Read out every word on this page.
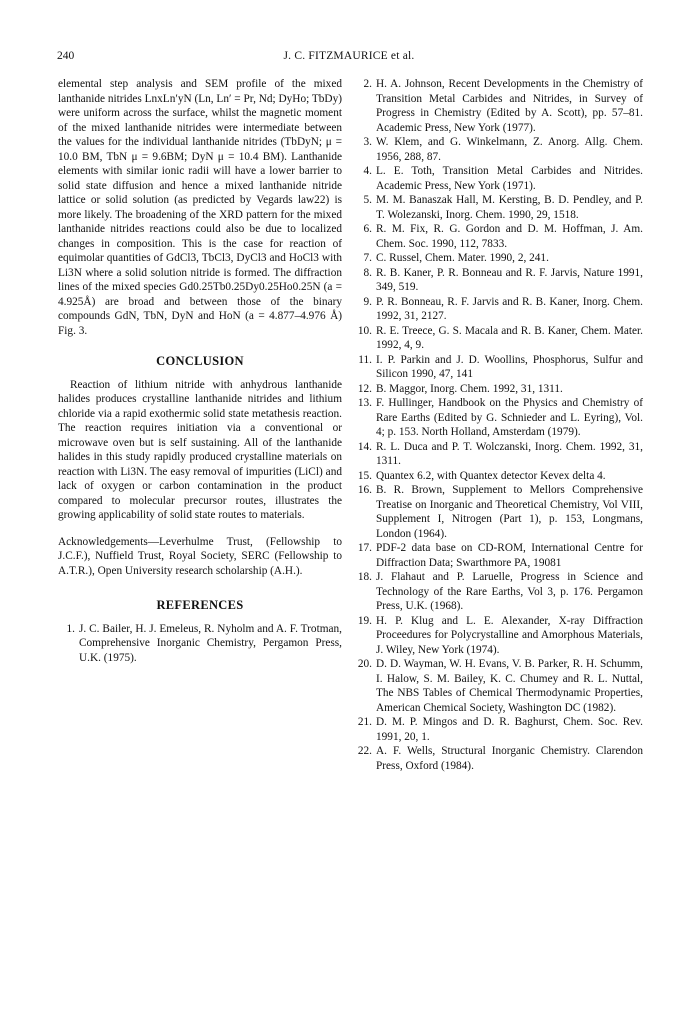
240	J. C. FITZMAURICE et al.

elemental step analysis and SEM profile of the mixed lanthanide nitrides LnxLn′yN (Ln, Ln′ = Pr, Nd; DyHo; TbDy) were uniform across the surface, whilst the magnetic moment of the mixed lanthanide nitrides were intermediate between the values for the individual lanthanide nitrides (TbDyN; μ = 10.0 BM, TbN μ = 9.6BM; DyN μ = 10.4 BM). Lanthanide elements with similar ionic radii will have a lower barrier to solid state diffusion and hence a mixed lanthanide nitride lattice or solid solution (as predicted by Vegards law22) is more likely. The broadening of the XRD pattern for the mixed lanthanide nitrides reactions could also be due to localized changes in composition. This is the case for reaction of equimolar quantities of GdCl3, TbCl3, DyCl3 and HoCl3 with Li3N where a solid solution nitride is formed. The diffraction lines of the mixed species Gd0.25Tb0.25Dy0.25Ho0.25N (a = 4.925Å) are broad and between those of the binary compounds GdN, TbN, DyN and HoN (a = 4.877–4.976 Å) Fig. 3.

CONCLUSION

Reaction of lithium nitride with anhydrous lanthanide halides produces crystalline lanthanide nitrides and lithium chloride via a rapid exothermic solid state metathesis reaction. The reaction requires initiation via a conventional or microwave oven but is self sustaining. All of the lanthanide halides in this study rapidly produced crystalline materials on reaction with Li3N. The easy removal of impurities (LiCl) and lack of oxygen or carbon contamination in the product compared to molecular precursor routes, illustrates the growing applicability of solid state routes to materials.

Acknowledgements—Leverhulme Trust, (Fellowship to J.C.F.), Nuffield Trust, Royal Society, SERC (Fellowship to A.T.R.), Open University research scholarship (A.H.).

REFERENCES
1. J. C. Bailer, H. J. Emeleus, R. Nyholm and A. F. Trotman, Comprehensive Inorganic Chemistry, Pergamon Press, U.K. (1975).
2. H. A. Johnson, Recent Developments in the Chemistry of Transition Metal Carbides and Nitrides, in Survey of Progress in Chemistry (Edited by A. Scott), pp. 57–81. Academic Press, New York (1977).
3. W. Klem, and G. Winkelmann, Z. Anorg. Allg. Chem. 1956, 288, 87.
4. L. E. Toth, Transition Metal Carbides and Nitrides. Academic Press, New York (1971).
5. M. M. Banaszak Hall, M. Kersting, B. D. Pendley, and P. T. Wolezanski, Inorg. Chem. 1990, 29, 1518.
6. R. M. Fix, R. G. Gordon and D. M. Hoffman, J. Am. Chem. Soc. 1990, 112, 7833.
7. C. Russel, Chem. Mater. 1990, 2, 241.
8. R. B. Kaner, P. R. Bonneau and R. F. Jarvis, Nature 1991, 349, 519.
9. P. R. Bonneau, R. F. Jarvis and R. B. Kaner, Inorg. Chem. 1992, 31, 2127.
10. R. E. Treece, G. S. Macala and R. B. Kaner, Chem. Mater. 1992, 4, 9.
11. I. P. Parkin and J. D. Woollins, Phosphorus, Sulfur and Silicon 1990, 47, 141
12. B. Maggor, Inorg. Chem. 1992, 31, 1311.
13. F. Hullinger, Handbook on the Physics and Chemistry of Rare Earths (Edited by G. Schnieder and L. Eyring), Vol. 4; p. 153. North Holland, Amsterdam (1979).
14. R. L. Duca and P. T. Wolczanski, Inorg. Chem. 1992, 31, 1311.
15. Quantex 6.2, with Quantex detector Kevex delta 4.
16. B. R. Brown, Supplement to Mellors Comprehensive Treatise on Inorganic and Theoretical Chemistry, Vol VIII, Supplement I, Nitrogen (Part 1), p. 153, Longmans, London (1964).
17. PDF-2 data base on CD-ROM, International Centre for Diffraction Data; Swarthmore PA, 19081
18. J. Flahaut and P. Laruelle, Progress in Science and Technology of the Rare Earths, Vol 3, p. 176. Pergamon Press, U.K. (1968).
19. H. P. Klug and L. E. Alexander, X-ray Diffraction Proceedures for Polycrystalline and Amorphous Materials, J. Wiley, New York (1974).
20. D. D. Wayman, W. H. Evans, V. B. Parker, R. H. Schumm, I. Halow, S. M. Bailey, K. C. Chumey and R. L. Nuttal, The NBS Tables of Chemical Thermodynamic Properties, American Chemical Society, Washington DC (1982).
21. D. M. P. Mingos and D. R. Baghurst, Chem. Soc. Rev. 1991, 20, 1.
22. A. F. Wells, Structural Inorganic Chemistry. Clarendon Press, Oxford (1984).
